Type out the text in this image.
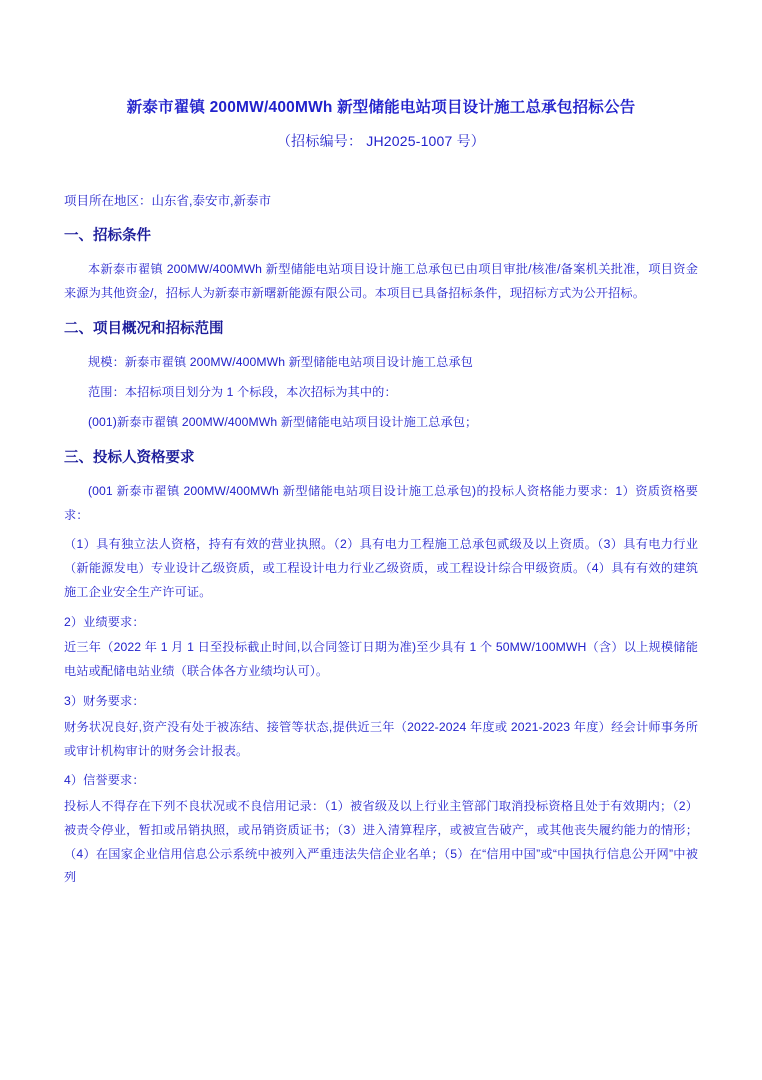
新泰市翟镇 200MW/400MWh 新型储能电站项目设计施工总承包招标公告
（招标编号： JH2025-1007 号）
项目所在地区：山东省,泰安市,新泰市
一、招标条件

本新泰市翟镇 200MW/400MWh 新型储能电站项目设计施工总承包已由项目审批/核准/备案机关批准，项目资金来源为其他资金/，招标人为新泰市新曙新能源有限公司。本项目已具备招标条件，现招标方式为公开招标。

二、项目概况和招标范围

规模：新泰市翟镇 200MW/400MWh 新型储能电站项目设计施工总承包

范围：本招标项目划分为 1 个标段，本次招标为其中的：

(001)新泰市翟镇 200MW/400MWh 新型储能电站项目设计施工总承包；

三、投标人资格要求

(001 新泰市翟镇 200MW/400MWh 新型储能电站项目设计施工总承包)的投标人资格能力要求：1）资质资格要求：

（1）具有独立法人资格，持有有效的营业执照。（2）具有电力工程施工总承包贰级及以上资质。（3）具有电力行业（新能源发电）专业设计乙级资质，或工程设计电力行业乙级资质，或工程设计综合甲级资质。（4）具有有效的建筑施工企业安全生产许可证。

2）业绩要求：

近三年（2022 年 1 月 1 日至投标截止时间,以合同签订日期为准)至少具有 1 个 50MW/100MWH（含）以上规模储能电站或配储电站业绩（联合体各方业绩均认可）。

3）财务要求：

财务状况良好,资产没有处于被冻结、接管等状态,提供近三年（2022-2024 年度或 2021-2023 年度）经会计师事务所或审计机构审计的财务会计报表。

4）信誉要求：

投标人不得存在下列不良状况或不良信用记录：（1）被省级及以上行业主管部门取消投标资格且处于有效期内；（2）被责令停业，暂扣或吊销执照，或吊销资质证书；（3）进入清算程序，或被宣告破产，或其他丧失履约能力的情形；（4）在国家企业信用信息公示系统中被列入严重违法失信企业名单；（5）在“信用中国”或“中国执行信息公开网”中被列
